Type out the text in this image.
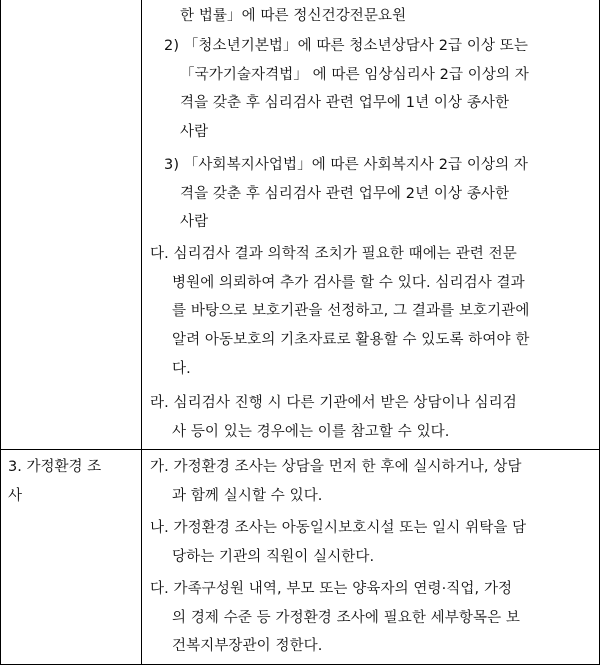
한 법률」에 따른 정신건강전문요원
2) 「청소년기본법」에 따른 청소년상담사 2급 이상 또는
「국가기술자격법」 에 따른 임상심리사 2급 이상의 자
격을 갖춘 후 심리검사 관련 업무에 1년 이상 종사한
사람
3) 「사회복지사업법」에 따른 사회복지사 2급 이상의 자
격을 갖춘 후 심리검사 관련 업무에 2년 이상 종사한
사람
다. 심리검사 결과 의학적 조치가 필요한 때에는 관련 전문
병원에 의뢰하여 추가 검사를 할 수 있다. 심리검사 결과
를 바탕으로 보호기관을 선정하고, 그 결과를 보호기관에
알려 아동보호의 기초자료로 활용할 수 있도록 하여야 한
다.
라. 심리검사 진행 시 다른 기관에서 받은 상담이나 심리검
사 등이 있는 경우에는 이를 참고할 수 있다.
3. 가정환경 조
사
가. 가정환경 조사는 상담을 먼저 한 후에 실시하거나, 상담
과 함께 실시할 수 있다.
나. 가정환경 조사는 아동일시보호시설 또는 일시 위탁을 담
당하는 기관의 직원이 실시한다.
다. 가족구성원 내역, 부모 또는 양육자의 연령·직업, 가정
의 경제 수준 등 가정환경 조사에 필요한 세부항목은 보
건복지부장관이 정한다.
